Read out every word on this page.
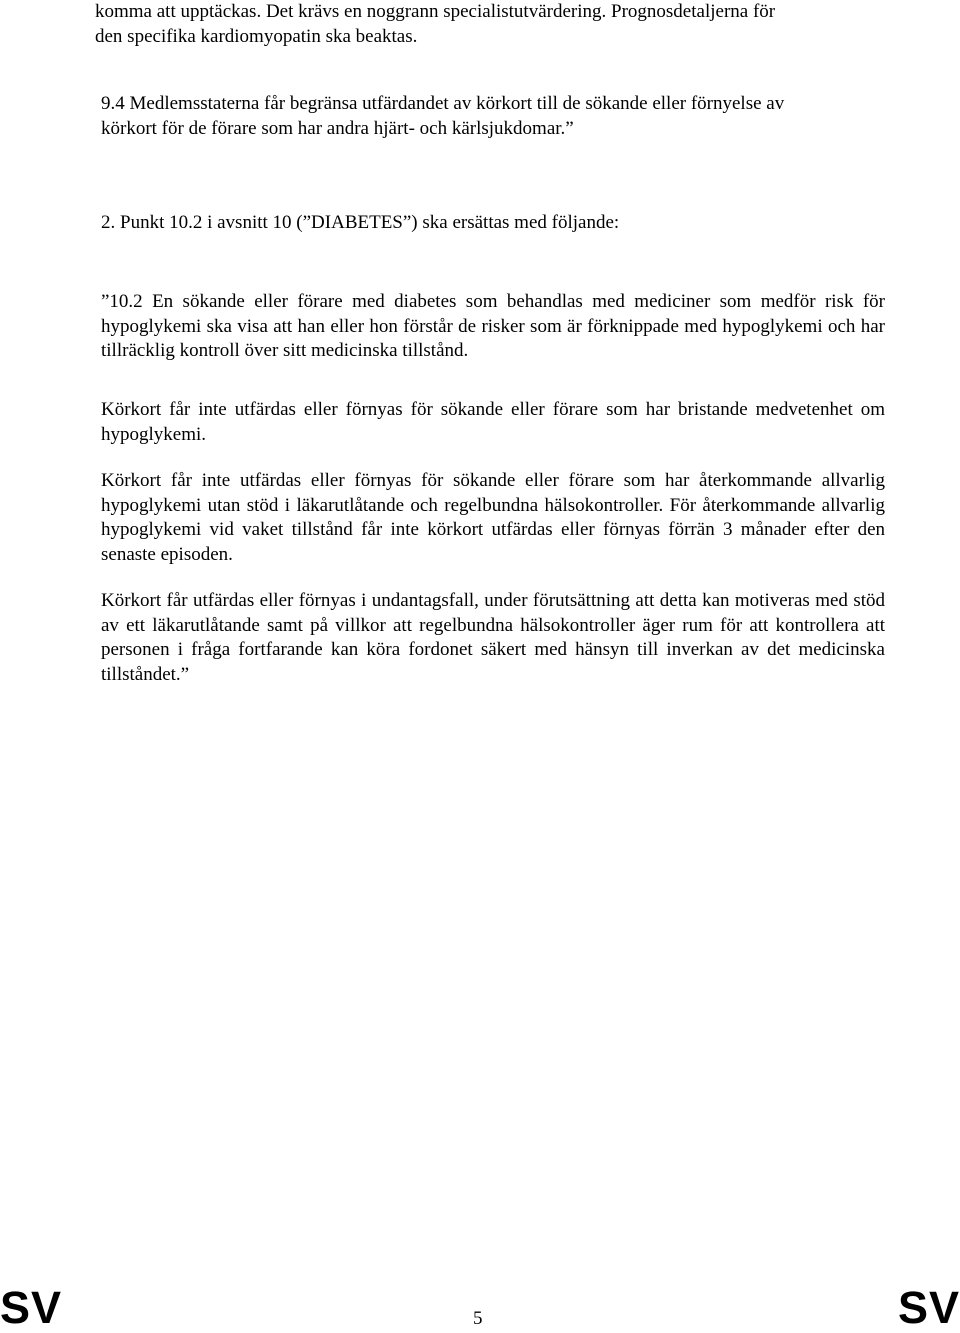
komma att upptäckas. Det krävs en noggrann specialistutvärdering. Prognosdetaljerna för
den specifika kardiomyopatin ska beaktas.
9.4 Medlemsstaterna får begränsa utfärdandet av körkort till de sökande eller förnyelse av
körkort för de förare som har andra hjärt- och kärlsjukdomar.”
2. Punkt 10.2 i avsnitt 10 (”DIABETES”) ska ersättas med följande:

”10.2 En sökande eller förare med diabetes som behandlas med mediciner som medför risk för hypoglykemi ska visa att han eller hon förstår de risker som är förknippade med hypoglykemi och har tillräcklig kontroll över sitt medicinska tillstånd.

Körkort får inte utfärdas eller förnyas för sökande eller förare som har bristande medvetenhet om hypoglykemi.

Körkort får inte utfärdas eller förnyas för sökande eller förare som har återkommande allvarlig hypoglykemi utan stöd i läkarutlåtande och regelbundna hälsokontroller. För återkommande allvarlig hypoglykemi vid vaket tillstånd får inte körkort utfärdas eller förnyas förrän 3 månader efter den senaste episoden.

Körkort får utfärdas eller förnyas i undantagsfall, under förutsättning att detta kan motiveras med stöd av ett läkarutlåtande samt på villkor att regelbundna hälsokontroller äger rum för att kontrollera att personen i fråga fortfarande kan köra fordonet säkert med hänsyn till inverkan av det medicinska tillståndet.”

SV	5	SV
